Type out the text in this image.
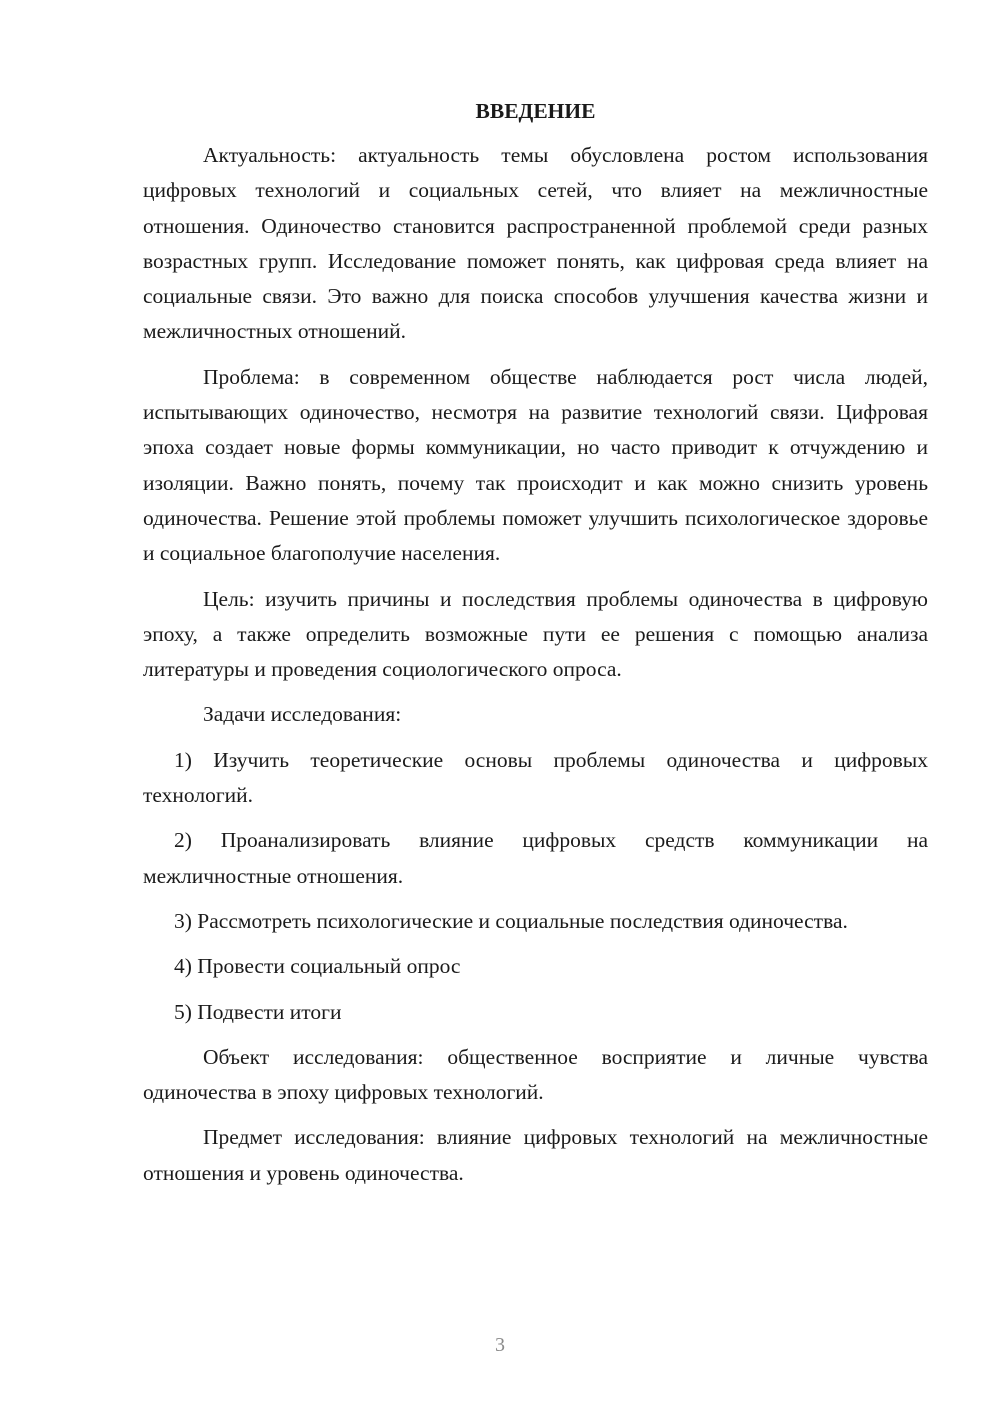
ВВЕДЕНИЕ

Актуальность: актуальность темы обусловлена ростом использования цифровых технологий и социальных сетей, что влияет на межличностные отношения. Одиночество становится распространенной проблемой среди разных возрастных групп. Исследование поможет понять, как цифровая среда влияет на социальные связи. Это важно для поиска способов улучшения качества жизни и межличностных отношений.

Проблема: в современном обществе наблюдается рост числа людей, испытывающих одиночество, несмотря на развитие технологий связи. Цифровая эпоха создает новые формы коммуникации, но часто приводит к отчуждению и изоляции. Важно понять, почему так происходит и как можно снизить уровень одиночества. Решение этой проблемы поможет улучшить психологическое здоровье и социальное благополучие населения.

Цель: изучить причины и последствия проблемы одиночества в цифровую эпоху, а также определить возможные пути ее решения с помощью анализа литературы и проведения социологического опроса.

Задачи исследования:

1) Изучить теоретические основы проблемы одиночества и цифровых технологий.

2) Проанализировать влияние цифровых средств коммуникации на межличностные отношения.

3) Рассмотреть психологические и социальные последствия одиночества.

4) Провести социальный опрос

5) Подвести итоги

Объект исследования: общественное восприятие и личные чувства одиночества в эпоху цифровых технологий.

Предмет исследования: влияние цифровых технологий на межличностные отношения и уровень одиночества.

3
